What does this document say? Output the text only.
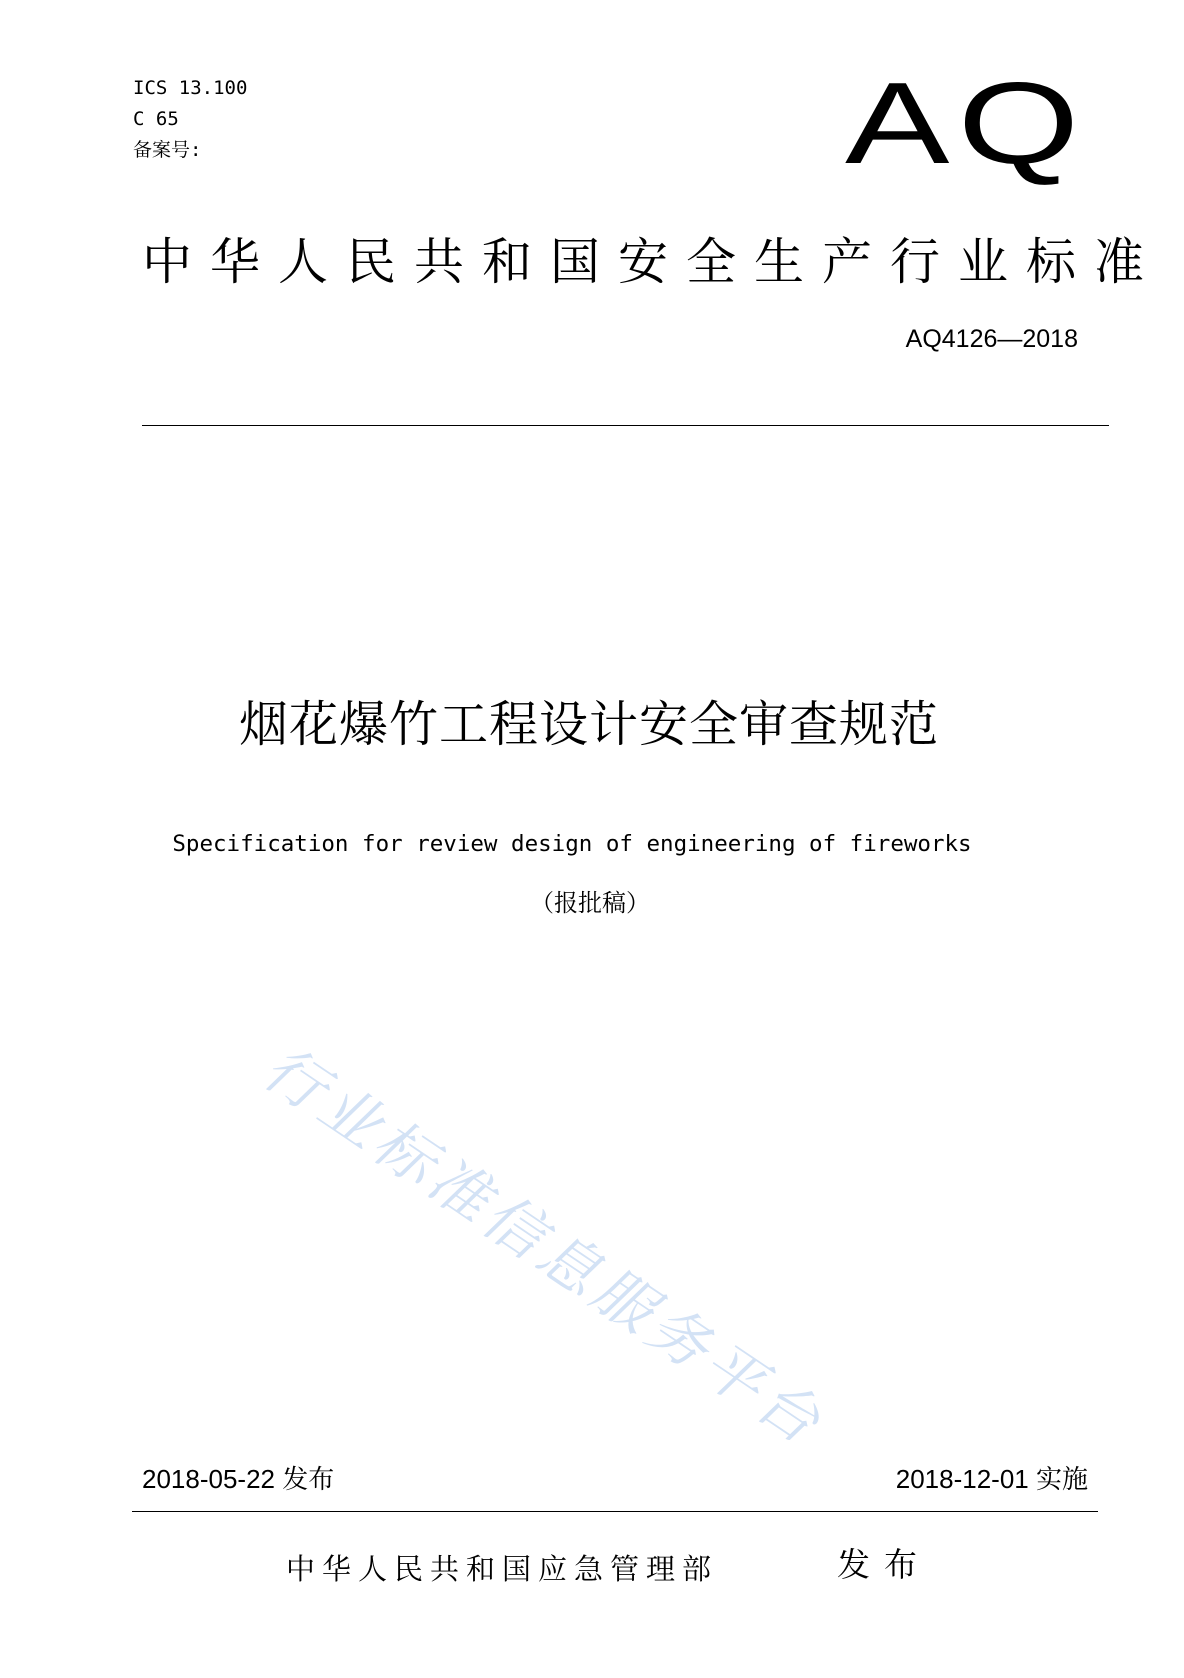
ICS 13.100
C 65
备案号:	AQ
中华人民共和国安全生产行业标准
AQ4126—2018
烟花爆竹工程设计安全审查规范
Specification for review design of engineering of fireworks
（报批稿）
行业标准信息服务平台
2018-05-22 发布	2018-12-01 实施
中华人民共和国应急管理部	发布
